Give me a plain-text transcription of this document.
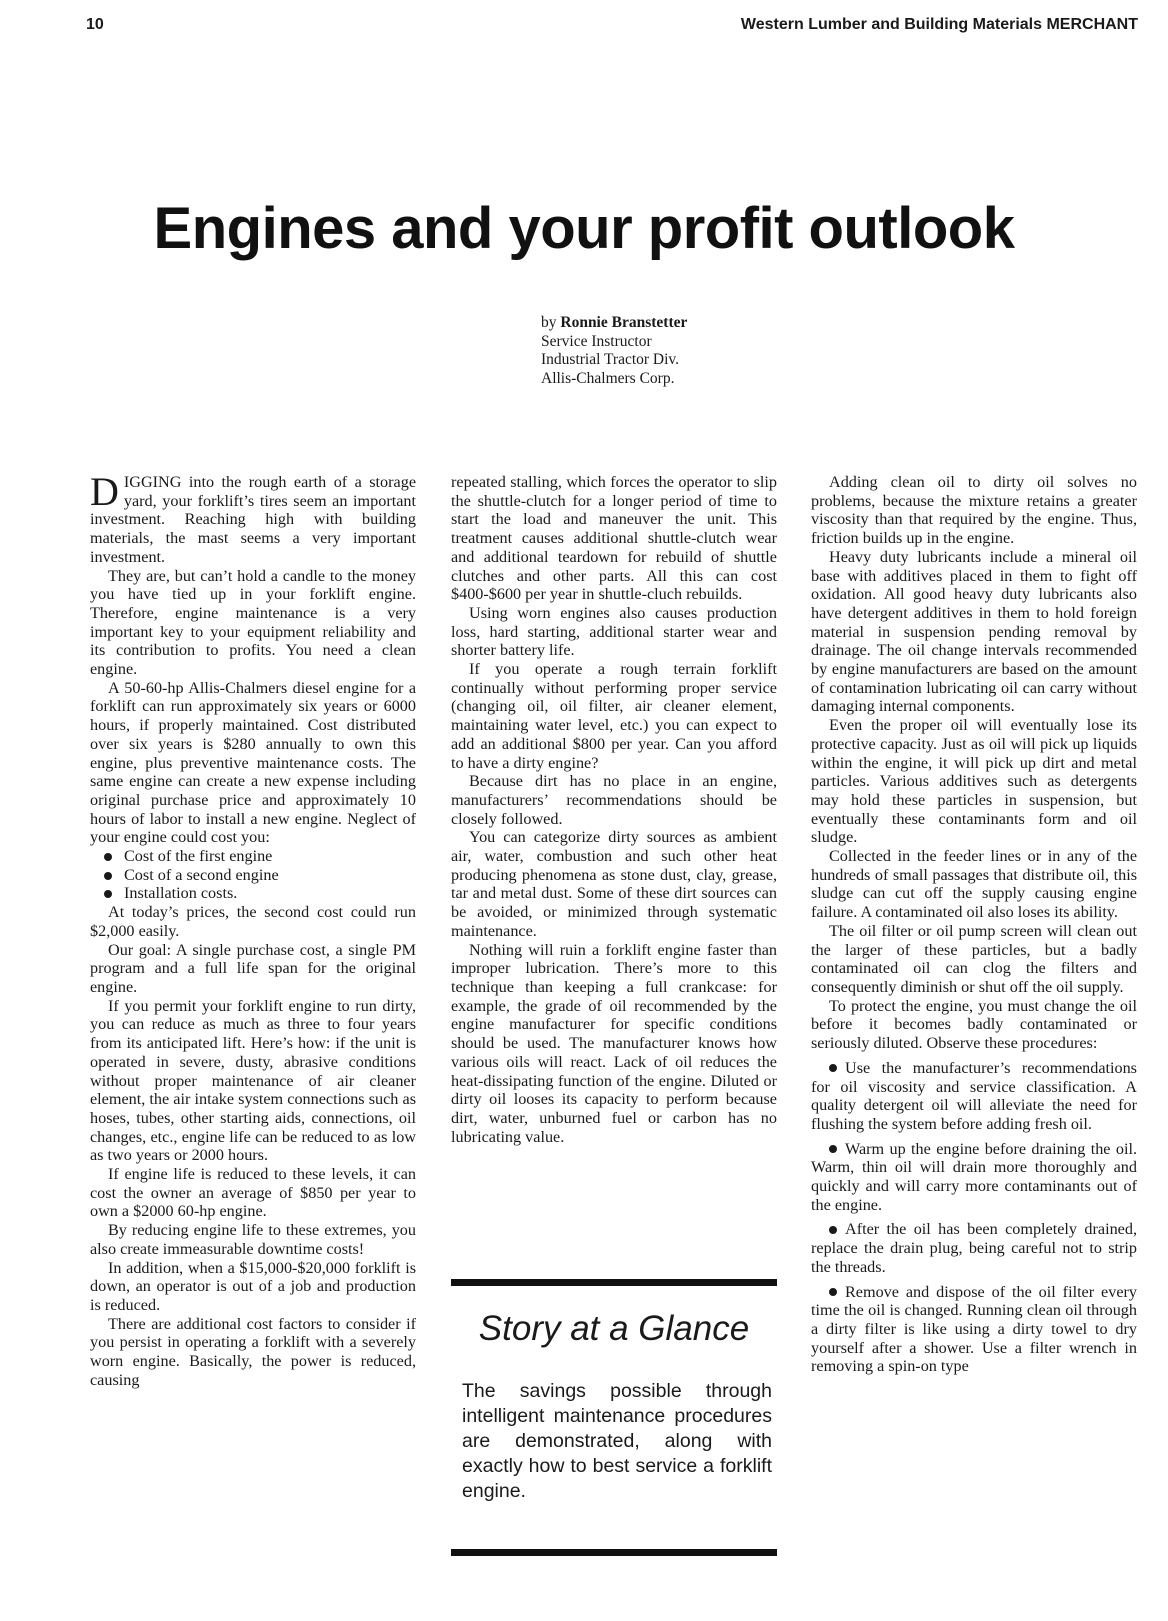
10	Western Lumber and Building Materials MERCHANT
Engines and your profit outlook
by Ronnie Branstetter
Service Instructor
Industrial Tractor Div.
Allis-Chalmers Corp.

DIGGING into the rough earth of a storage yard, your forklift’s tires seem an important investment. Reaching high with building materials, the mast seems a very important investment.

They are, but can’t hold a candle to the money you have tied up in your forklift engine. Therefore, engine maintenance is a very important key to your equipment reliability and its contribution to profits. You need a clean engine.

A 50-60-hp Allis-Chalmers diesel engine for a forklift can run approximately six years or 6000 hours, if properly maintained. Cost distributed over six years is $280 annually to own this engine, plus preventive maintenance costs. The same engine can create a new expense including original purchase price and approximately 10 hours of labor to install a new engine. Neglect of your engine could cost you:

Cost of the first engine
Cost of a second engine
Installation costs.

At today’s prices, the second cost could run $2,000 easily.

Our goal: A single purchase cost, a single PM program and a full life span for the original engine.

If you permit your forklift engine to run dirty, you can reduce as much as three to four years from its anticipated lift. Here’s how: if the unit is operated in severe, dusty, abrasive conditions without proper maintenance of air cleaner element, the air intake system connections such as hoses, tubes, other starting aids, connections, oil changes, etc., engine life can be reduced to as low as two years or 2000 hours.

If engine life is reduced to these levels, it can cost the owner an average of $850 per year to own a $2000 60-hp engine.

By reducing engine life to these extremes, you also create immeasurable downtime costs!

In addition, when a $15,000-$20,000 forklift is down, an operator is out of a job and production is reduced.

There are additional cost factors to consider if you persist in operating a forklift with a severely worn engine. Basically, the power is reduced, causing

repeated stalling, which forces the operator to slip the shuttle-clutch for a longer period of time to start the load and maneuver the unit. This treatment causes additional shuttle-clutch wear and additional teardown for rebuild of shuttle clutches and other parts. All this can cost $400-$600 per year in shuttle-cluch rebuilds.

Using worn engines also causes production loss, hard starting, additional starter wear and shorter battery life.

If you operate a rough terrain forklift continually without performing proper service (changing oil, oil filter, air cleaner element, maintaining water level, etc.) you can expect to add an additional $800 per year. Can you afford to have a dirty engine?

Because dirt has no place in an engine, manufacturers’ recommendations should be closely followed.

You can categorize dirty sources as ambient air, water, combustion and such other heat producing phenomena as stone dust, clay, grease, tar and metal dust. Some of these dirt sources can be avoided, or minimized through systematic maintenance.

Nothing will ruin a forklift engine faster than improper lubrication. There’s more to this technique than keeping a full crankcase: for example, the grade of oil recommended by the engine manufacturer for specific conditions should be used. The manufacturer knows how various oils will react. Lack of oil reduces the heat-dissipating function of the engine. Diluted or dirty oil looses its capacity to perform because dirt, water, unburned fuel or carbon has no lubricating value.

Story at a Glance
The savings possible through intelligent maintenance procedures are demonstrated, along with exactly how to best service a forklift engine.

Adding clean oil to dirty oil solves no problems, because the mixture retains a greater viscosity than that required by the engine. Thus, friction builds up in the engine.

Heavy duty lubricants include a mineral oil base with additives placed in them to fight off oxidation. All good heavy duty lubricants also have detergent additives in them to hold foreign material in suspension pending removal by drainage. The oil change intervals recommended by engine manufacturers are based on the amount of contamination lubricating oil can carry without damaging internal components.

Even the proper oil will eventually lose its protective capacity. Just as oil will pick up liquids within the engine, it will pick up dirt and metal particles. Various additives such as detergents may hold these particles in suspension, but eventually these contaminants form and oil sludge.

Collected in the feeder lines or in any of the hundreds of small passages that distribute oil, this sludge can cut off the supply causing engine failure. A contaminated oil also loses its ability.

The oil filter or oil pump screen will clean out the larger of these particles, but a badly contaminated oil can clog the filters and consequently diminish or shut off the oil supply.

To protect the engine, you must change the oil before it becomes badly contaminated or seriously diluted. Observe these procedures:

Use the manufacturer’s recommendations for oil viscosity and service classification. A quality detergent oil will alleviate the need for flushing the system before adding fresh oil.

Warm up the engine before draining the oil. Warm, thin oil will drain more thoroughly and quickly and will carry more contaminants out of the engine.

After the oil has been completely drained, replace the drain plug, being careful not to strip the threads.

Remove and dispose of the oil filter every time the oil is changed. Running clean oil through a dirty filter is like using a dirty towel to dry yourself after a shower. Use a filter wrench in removing a spin-on type
